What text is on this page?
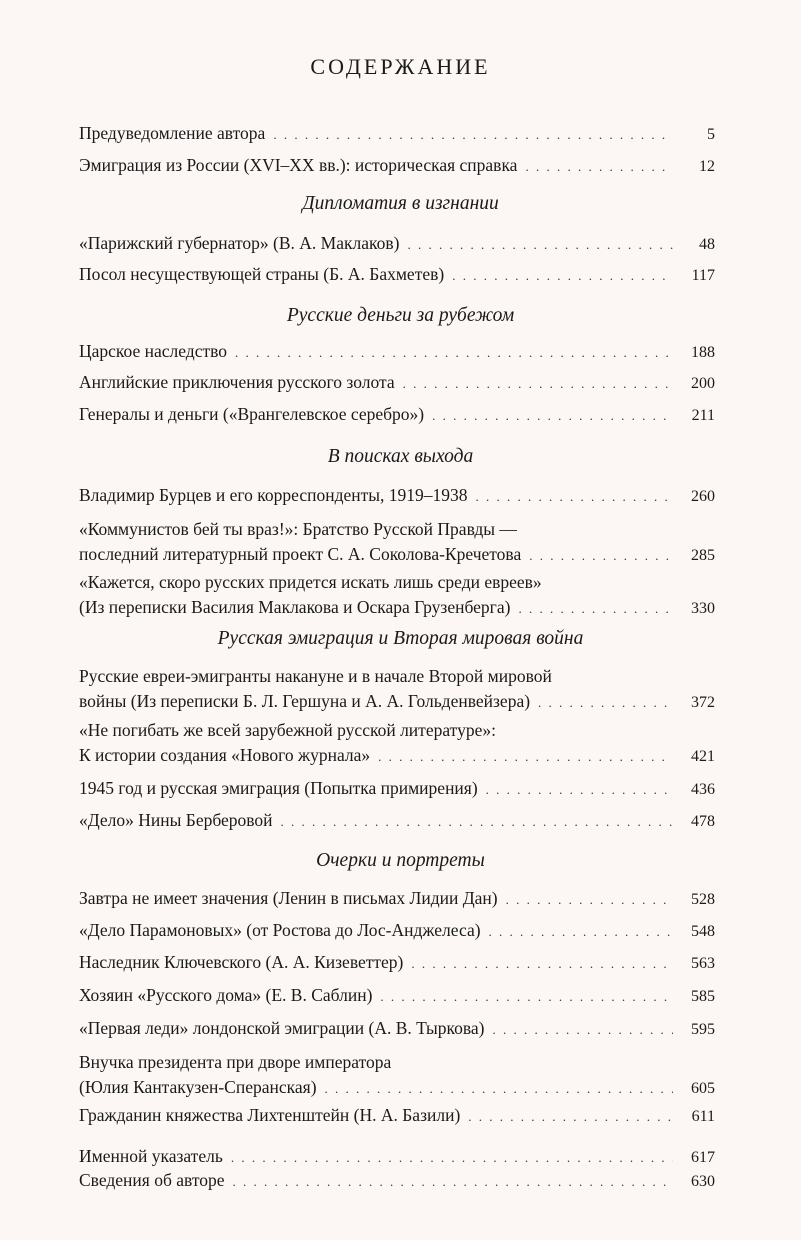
СОДЕРЖАНИЕ
Предуведомление автора . . .	5
Эмиграция из России (XVI–XX вв.): историческая справка . . .	12
Дипломатия в изгнании
«Парижский губернатор» (В. А. Маклаков) . . .	48
Посол несуществующей страны (Б. А. Бахметев) . . .	117
Русские деньги за рубежом
Царское наследство . . .	188
Английские приключения русского золота . . .	200
Генералы и деньги («Врангелевское серебро») . . .	211
В поисках выхода
Владимир Бурцев и его корреспонденты, 1919–1938 . . .	260
«Коммунистов бей ты враз!»: Братство Русской Правды —
последний литературный проект С. А. Соколова-Кречетова . . .	285
«Кажется, скоро русских придется искать лишь среди евреев»
(Из переписки Василия Маклакова и Оскара Грузенберга) . . .	330
Русская эмиграция и Вторая мировая война
Русские евреи-эмигранты накануне и в начале Второй мировой
войны (Из переписки Б. Л. Гершуна и А. А. Гольденвейзера) . . .	372
«Не погибать же всей зарубежной русской литературе»:
К истории создания «Нового журнала» . . .	421
1945 год и русская эмиграция (Попытка примирения) . . .	436
«Дело» Нины Берберовой . . .	478
Очерки и портреты
Завтра не имеет значения (Ленин в письмах Лидии Дан) . . .	528
«Дело Парамоновых» (от Ростова до Лос-Анджелеса) . . .	548
Наследник Ключевского (А. А. Кизеветтер) . . .	563
Хозяин «Русского дома» (Е. В. Саблин) . . .	585
«Первая леди» лондонской эмиграции (А. В. Тыркова) . . .	595
Внучка президента при дворе императора
(Юлия Кантакузен-Сперанская) . . .	605
Гражданин княжества Лихтенштейн (Н. А. Базили) . . .	611
Именной указатель . . .	617
Сведения об авторе . . .	630
